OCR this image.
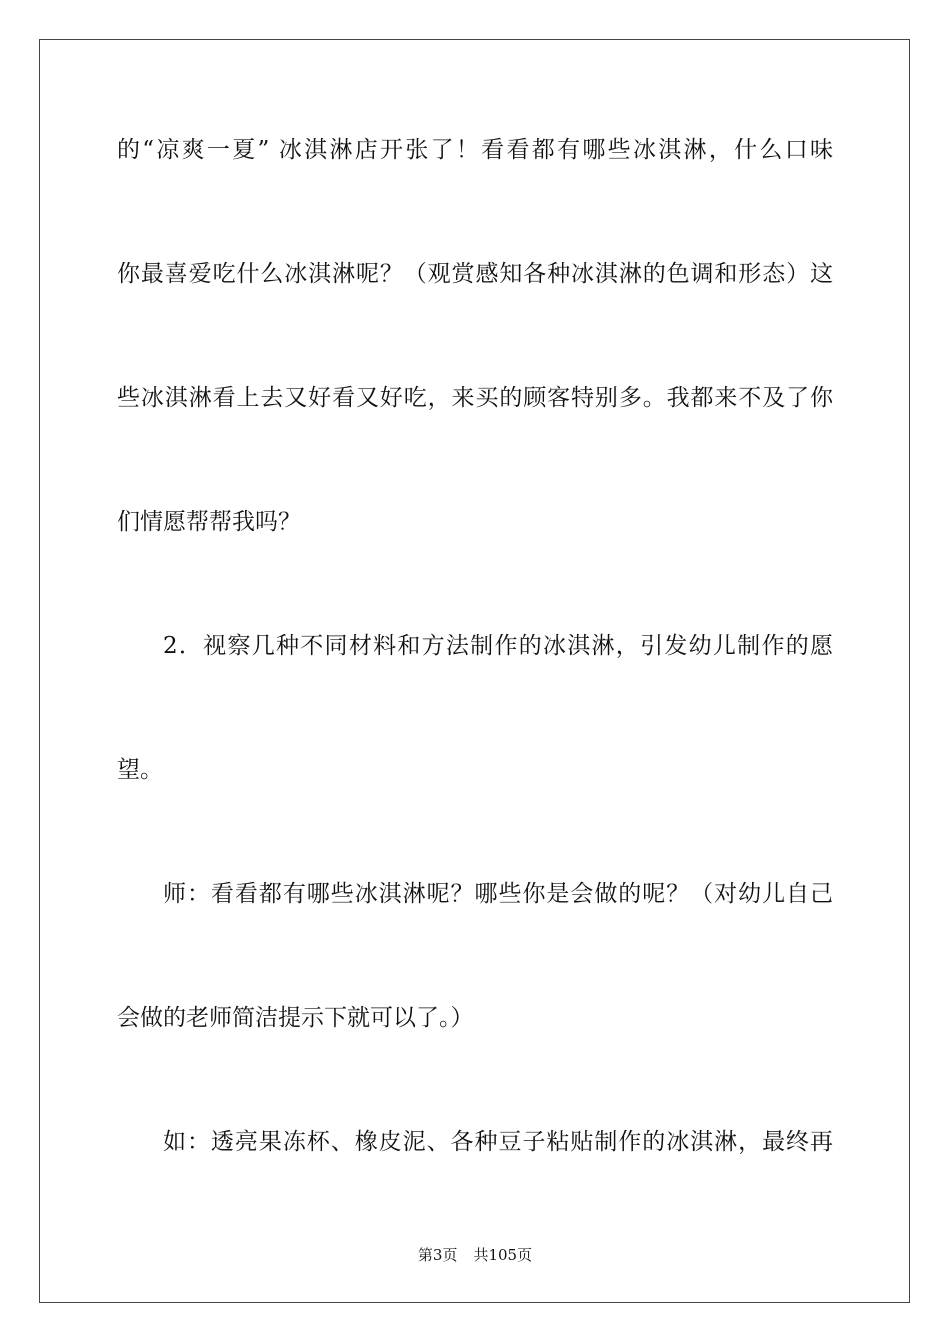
的“凉爽一夏” 冰淇淋店开张了！看看都有哪些冰淇淋，什么口味
你最喜爱吃什么冰淇淋呢？（观赏感知各种冰淇淋的色调和形态）这
些冰淇淋看上去又好看又好吃，来买的顾客特别多。我都来不及了你
们情愿帮帮我吗？
2．视察几种不同材料和方法制作的冰淇淋，引发幼儿制作的愿
望。
师：看看都有哪些冰淇淋呢？哪些你是会做的呢？（对幼儿自己
会做的老师简洁提示下就可以了。）
如：透亮果冻杯、橡皮泥、各种豆子粘贴制作的冰淇淋，最终再
第3页 共105页
